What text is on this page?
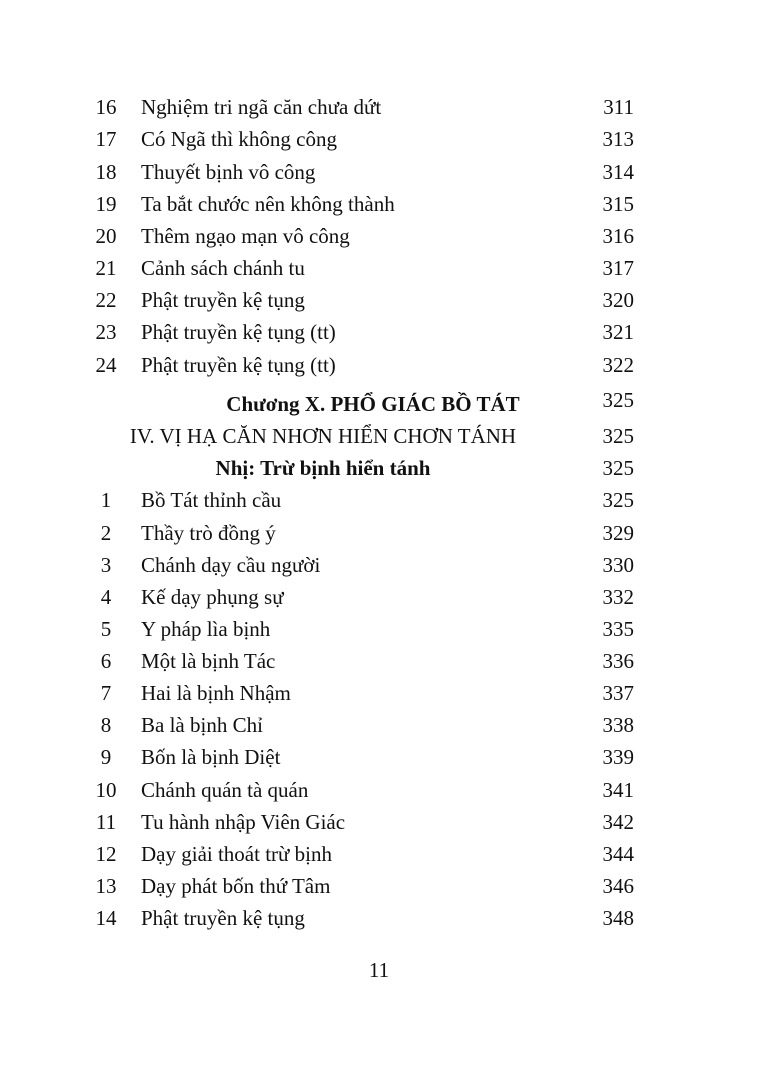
16	Nghiệm tri ngã căn chưa dứt	311
17	Có Ngã thì không công	313
18	Thuyết bịnh vô công	314
19	Ta bắt chước nên không thành	315
20	Thêm ngạo mạn vô công	316
21	Cảnh sách chánh tu	317
22	Phật truyền kệ tụng	320
23	Phật truyền kệ tụng (tt)	321
24	Phật truyền kệ tụng (tt)	322
Chương X. PHỔ GIÁC BỒ TÁT	325
IV. VỊ HẠ CĂN NHƠN HIỂN CHƠN TÁNH	325
Nhị: Trừ bịnh hiển tánh	325
1	Bồ Tát thỉnh cầu	325
2	Thầy trò đồng ý	329
3	Chánh dạy cầu người	330
4	Kế dạy phụng sự	332
5	Y pháp lìa bịnh	335
6	Một là bịnh Tác	336
7	Hai là bịnh Nhậm	337
8	Ba là bịnh Chỉ	338
9	Bốn là bịnh Diệt	339
10	Chánh quán tà quán	341
11	Tu hành nhập Viên Giác	342
12	Dạy giải thoát trừ bịnh	344
13	Dạy phát bốn thứ Tâm	346
14	Phật truyền kệ tụng	348
11
